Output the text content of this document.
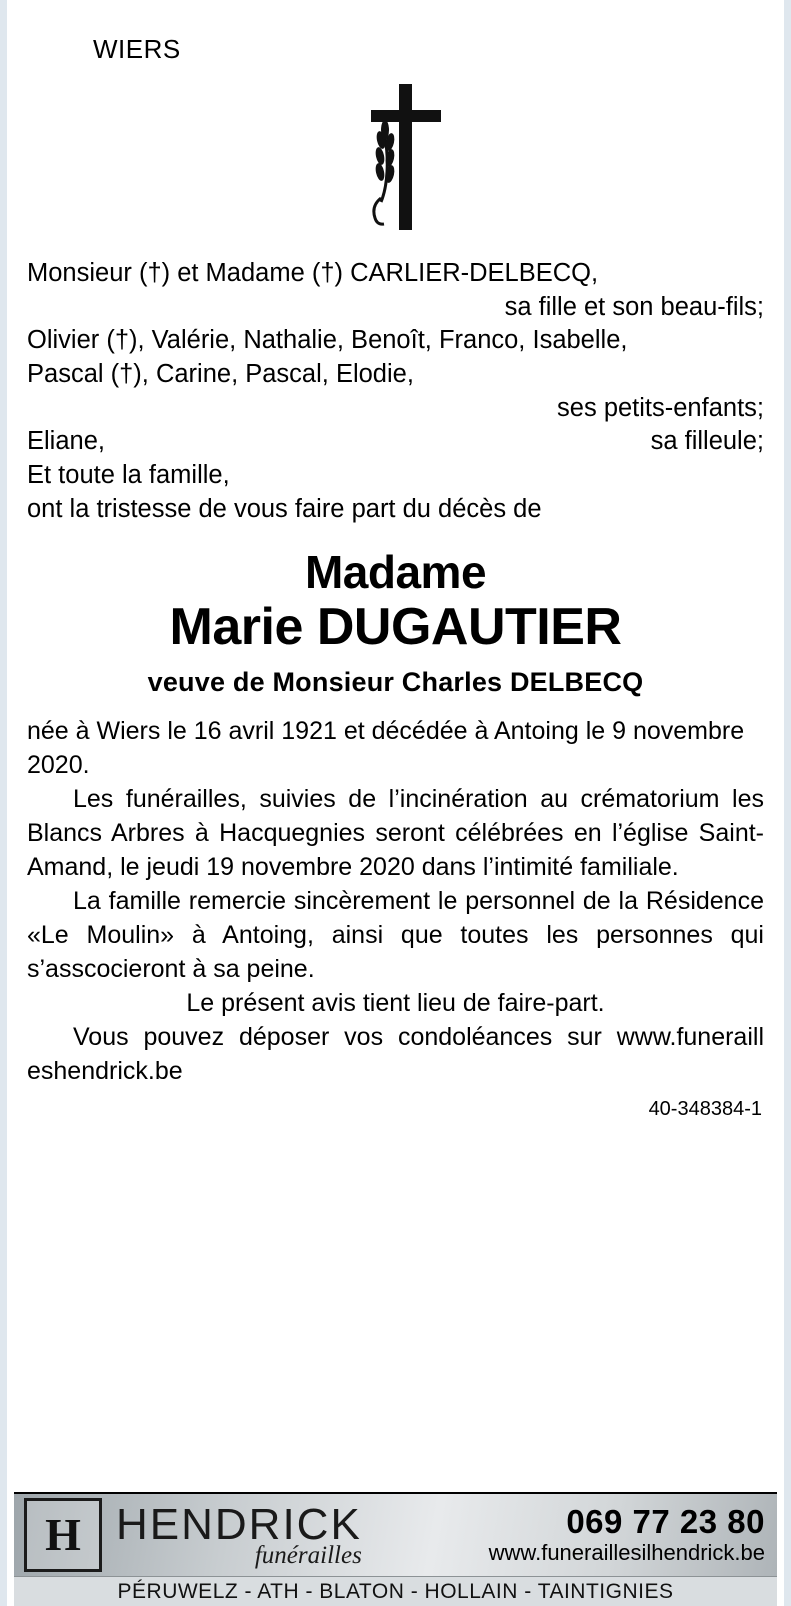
WIERS
Monsieur (†) et Madame (†) CARLIER-DELBECQ,
sa fille et son beau-fils;
Olivier (†), Valérie, Nathalie, Benoît, Franco, Isabelle,
Pascal (†), Carine, Pascal, Elodie,
ses petits-enfants;
Eliane,	sa filleule;
Et toute la famille,
ont la tristesse de vous faire part du décès de
Madame
Marie DUGAUTIER
veuve de Monsieur Charles DELBECQ

née à Wiers le 16 avril 1921 et décédée à Antoing le 9 novembre 2020.

Les funérailles, suivies de l’incinération au crématorium les Blancs Arbres à Hacquegnies seront célébrées en l’église Saint-Amand, le jeudi 19 novembre 2020 dans l’intimité familiale.

La famille remercie sincèrement le personnel de la Résidence «Le Moulin» à Antoing, ainsi que toutes les personnes qui s’asscocieront à sa peine.

Le présent avis tient lieu de faire-part.

Vous pouvez déposer vos condoléances sur www.funeraill eshendrick.be

40-348384-1
H HENDRICK
funérailles
069 77 23 80
www.funeraillesilhendrick.be
PÉRUWELZ - ATH - BLATON - HOLLAIN - TAINTIGNIES
